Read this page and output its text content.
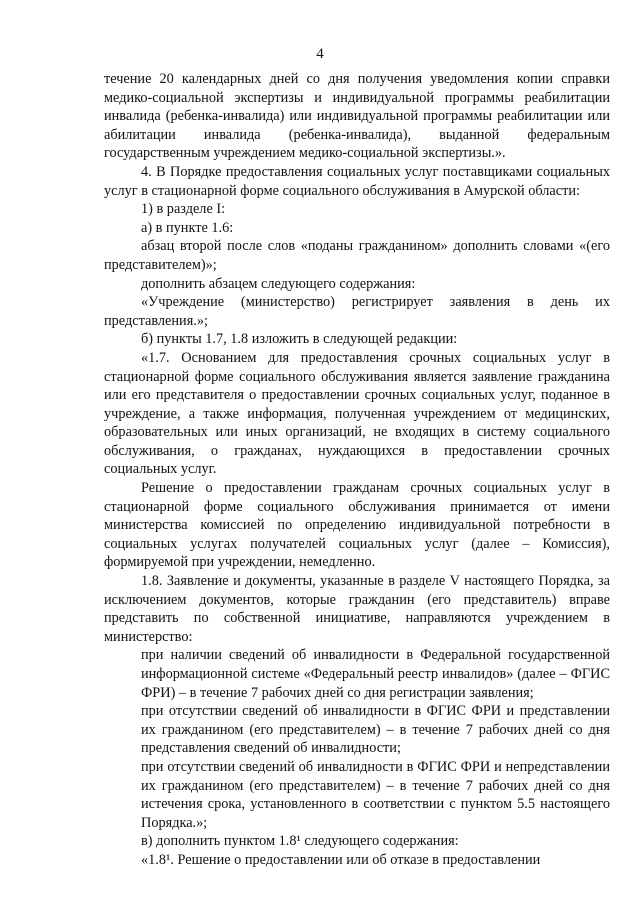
4

течение 20 календарных дней со дня получения уведомления копии справки медико-социальной экспертизы и индивидуальной программы реабилитации инвалида (ребенка-инвалида) или индивидуальной программы реабилитации или абилитации инвалида (ребенка-инвалида), выданной федеральным государственным учреждением медико-социальной экспертизы.».

4. В Порядке предоставления социальных услуг поставщиками социальных услуг в стационарной форме социального обслуживания в Амурской области:

1) в разделе I:

а) в пункте 1.6:

абзац второй после слов «поданы гражданином» дополнить словами «(его представителем)»;

дополнить абзацем следующего содержания:

«Учреждение (министерство) регистрирует заявления в день их представления.»;

б) пункты 1.7, 1.8 изложить в следующей редакции:

«1.7. Основанием для предоставления срочных социальных услуг в стационарной форме социального обслуживания является заявление гражданина или его представителя о предоставлении срочных социальных услуг, поданное в учреждение, а также информация, полученная учреждением от медицинских, образовательных или иных организаций, не входящих в систему социального обслуживания, о гражданах, нуждающихся в предоставлении срочных социальных услуг.

Решение о предоставлении гражданам срочных социальных услуг в стационарной форме социального обслуживания принимается от имени министерства комиссией по определению индивидуальной потребности в социальных услугах получателей социальных услуг (далее – Комиссия), формируемой при учреждении, немедленно.

1.8. Заявление и документы, указанные в разделе V настоящего Порядка, за исключением документов, которые гражданин (его представитель) вправе представить по собственной инициативе, направляются учреждением в министерство:

при наличии сведений об инвалидности в Федеральной государственной информационной системе «Федеральный реестр инвалидов» (далее – ФГИС ФРИ) – в течение 7 рабочих дней со дня регистрации заявления;

при отсутствии сведений об инвалидности в ФГИС ФРИ и представлении их гражданином (его представителем) – в течение 7 рабочих дней со дня представления сведений об инвалидности;

при отсутствии сведений об инвалидности в ФГИС ФРИ и непредставлении их гражданином (его представителем) – в течение 7 рабочих дней со дня истечения срока, установленного в соответствии с пунктом 5.5 настоящего Порядка.»;

в) дополнить пунктом 1.8¹ следующего содержания:

«1.8¹. Решение о предоставлении или об отказе в предоставлении
